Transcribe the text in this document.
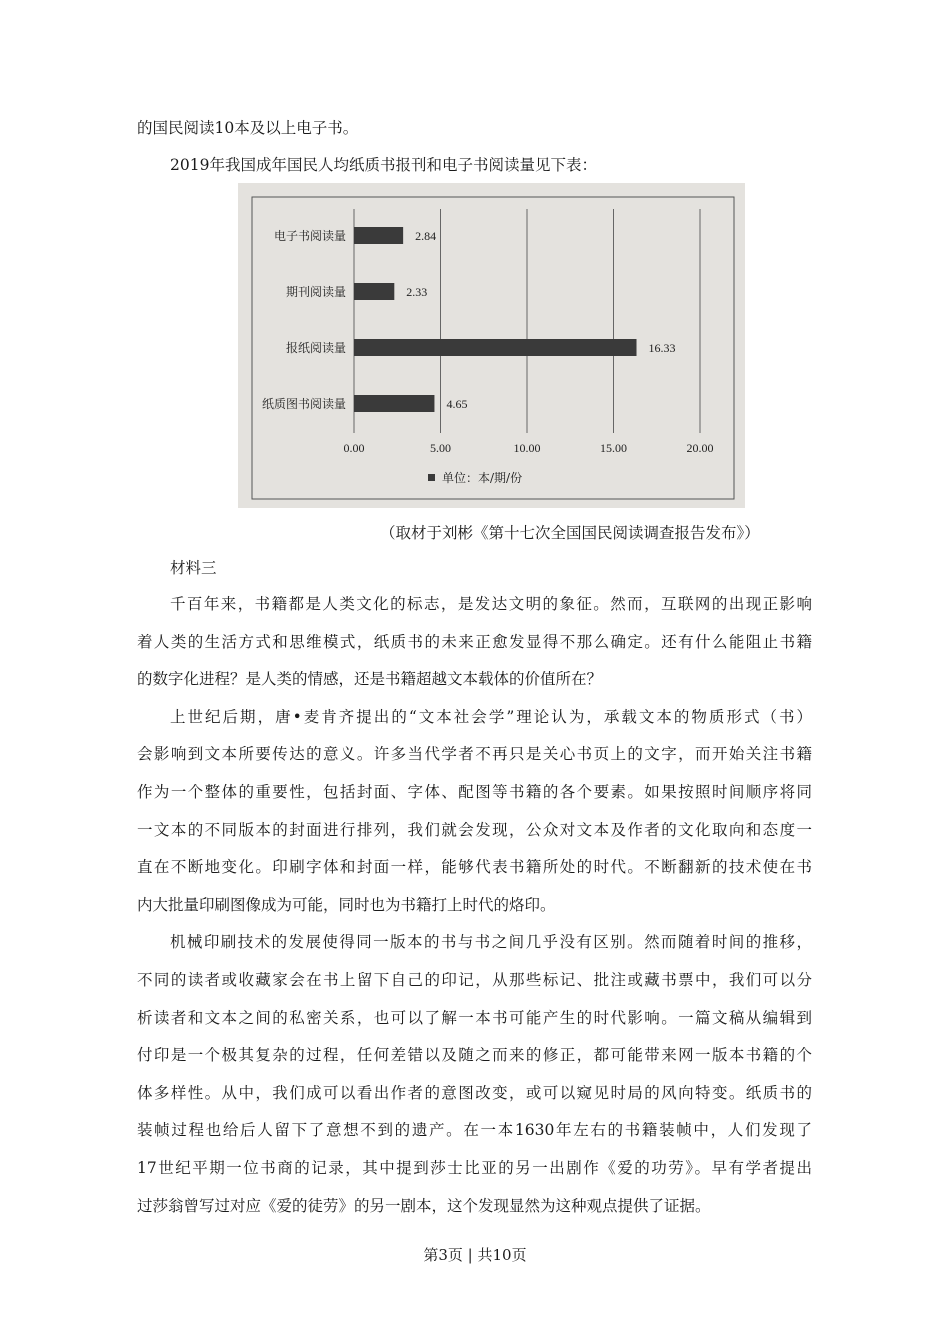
的国民阅读10本及以上电子书。
2019年我国成年国民人均纸质书报刊和电子书阅读量见下表：
0.00	5.00	10.00	15.00	20.00
电子书阅读量	2.84
期刊阅读量	2.33
报纸阅读量	16.33
纸质图书阅读量	4.65
单位：本/期/份
（取材于刘彬《第十七次全国国民阅读调查报告发布》）
材料三
千百年来，书籍都是人类文化的标志，是发达文明的象征。然而，互联网的出现正影响
着人类的生活方式和思维模式，纸质书的未来正愈发显得不那么确定。还有什么能阻止书籍
的数字化进程？是人类的情感，还是书籍超越文本载体的价值所在？
上世纪后期，唐•麦肯齐提出的“文本社会学”理论认为，承载文本的物质形式（书）
会影响到文本所要传达的意义。许多当代学者不再只是关心书页上的文字，而开始关注书籍
作为一个整体的重要性，包括封面、字体、配图等书籍的各个要素。如果按照时间顺序将同
一文本的不同版本的封面进行排列，我们就会发现，公众对文本及作者的文化取向和态度一
直在不断地变化。印刷字体和封面一样，能够代表书籍所处的时代。不断翻新的技术使在书
内大批量印刷图像成为可能，同时也为书籍打上时代的烙印。
机械印刷技术的发展使得同一版本的书与书之间几乎没有区别。然而随着时间的推移，
不同的读者或收藏家会在书上留下自己的印记，从那些标记、批注或藏书票中，我们可以分
析读者和文本之间的私密关系，也可以了解一本书可能产生的时代影响。一篇文稿从编辑到
付印是一个极其复杂的过程，任何差错以及随之而来的修正，都可能带来网一版本书籍的个
体多样性。从中，我们成可以看出作者的意图改变，或可以窥见时局的风向特变。纸质书的
装帧过程也给后人留下了意想不到的遗产。在一本1630年左右的书籍装帧中，人们发现了
17世纪平期一位书商的记录，其中提到莎士比亚的另一出剧作《爱的功劳》。早有学者提出
过莎翁曾写过对应《爱的徒劳》的另一剧本，这个发现显然为这种观点提供了证据。
第3页 | 共10页
